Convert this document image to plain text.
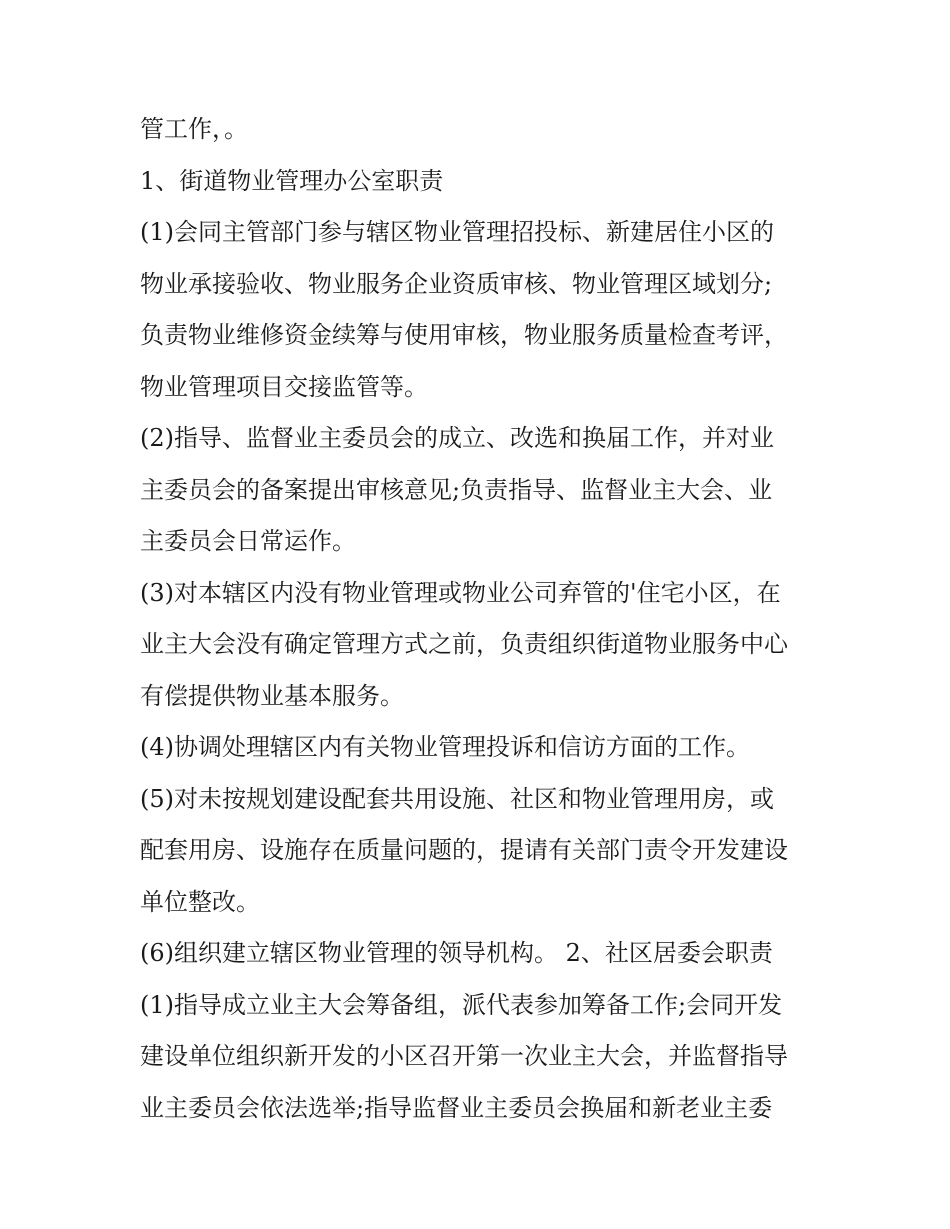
管工作，。
1、街道物业管理办公室职责
(1)会同主管部门参与辖区物业管理招投标、新建居住小区的
物业承接验收、物业服务企业资质审核、物业管理区域划分;
负责物业维修资金续筹与使用审核，物业服务质量检查考评，
物业管理项目交接监管等。
(2)指导、监督业主委员会的成立、改选和换届工作，并对业
主委员会的备案提出审核意见;负责指导、监督业主大会、业
主委员会日常运作。
(3)对本辖区内没有物业管理或物业公司弃管的'住宅小区，在
业主大会没有确定管理方式之前，负责组织街道物业服务中心
有偿提供物业基本服务。
(4)协调处理辖区内有关物业管理投诉和信访方面的工作。
(5)对未按规划建设配套共用设施、社区和物业管理用房，或
配套用房、设施存在质量问题的，提请有关部门责令开发建设
单位整改。
(6)组织建立辖区物业管理的领导机构。 2、社区居委会职责
(1)指导成立业主大会筹备组，派代表参加筹备工作;会同开发
建设单位组织新开发的小区召开第一次业主大会，并监督指导
业主委员会依法选举;指导监督业主委员会换届和新老业主委
